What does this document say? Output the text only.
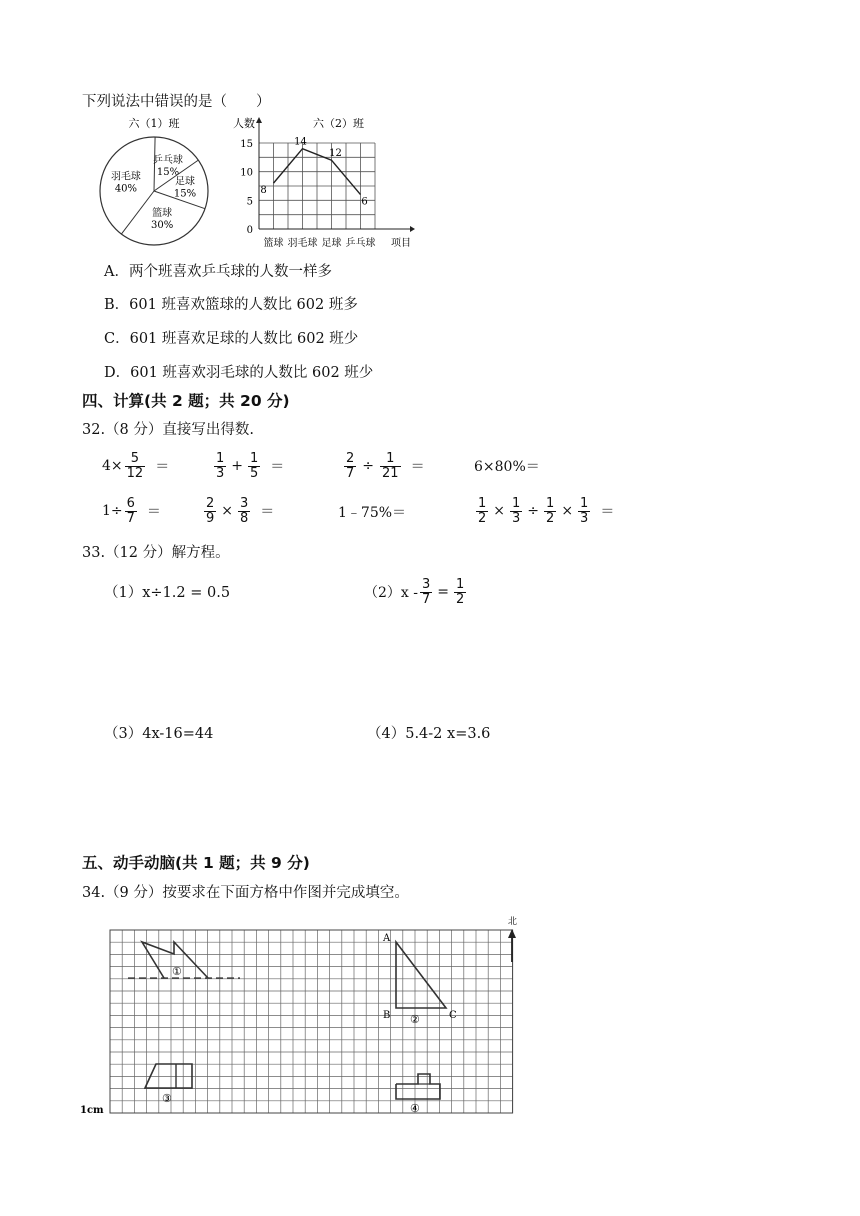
下列说法中错误的是（　　）
六（1）班
乒乓球
15%
足球
15%
篮球
30%
羽毛球
40%
人数	六（2）班
15
10
5
0
8
14
12
6
篮球 羽毛球 足球 乒乓球 项目
A．两个班喜欢乒乓球的人数一样多
B．601 班喜欢篮球的人数比 602 班多
C．601 班喜欢足球的人数比 602 班少
D．601 班喜欢羽毛球的人数比 602 班少
四、计算(共 2 题；共 20 分)
32.（8 分）直接写出得数.
$4\times \frac{5}{12}$ ＝	$\frac{1}{3} + \frac{1}{5}$ ＝	$\frac{2}{7} \div \frac{1}{21}$ ＝	6×80%＝
$1\div \frac{6}{7}$ ＝	$\frac{2}{9} \times \frac{3}{8}$ ＝	1﹣75%＝	$\frac{1}{2} \times \frac{1}{3} \div \frac{1}{2} \times \frac{1}{3}$ ＝
33.（12 分）解方程。
（1）x÷1.2 = 0.5	$(2)x - \frac{3}{7} = \frac{1}{2}$
（3）4x-16=44	（4）5.4-2 x=3.6
五、动手动脑(共 1 题；共 9 分)
34.（9 分）按要求在下面方格中作图并完成填空。
北
①
A
B	C
②
③
④
1cm
